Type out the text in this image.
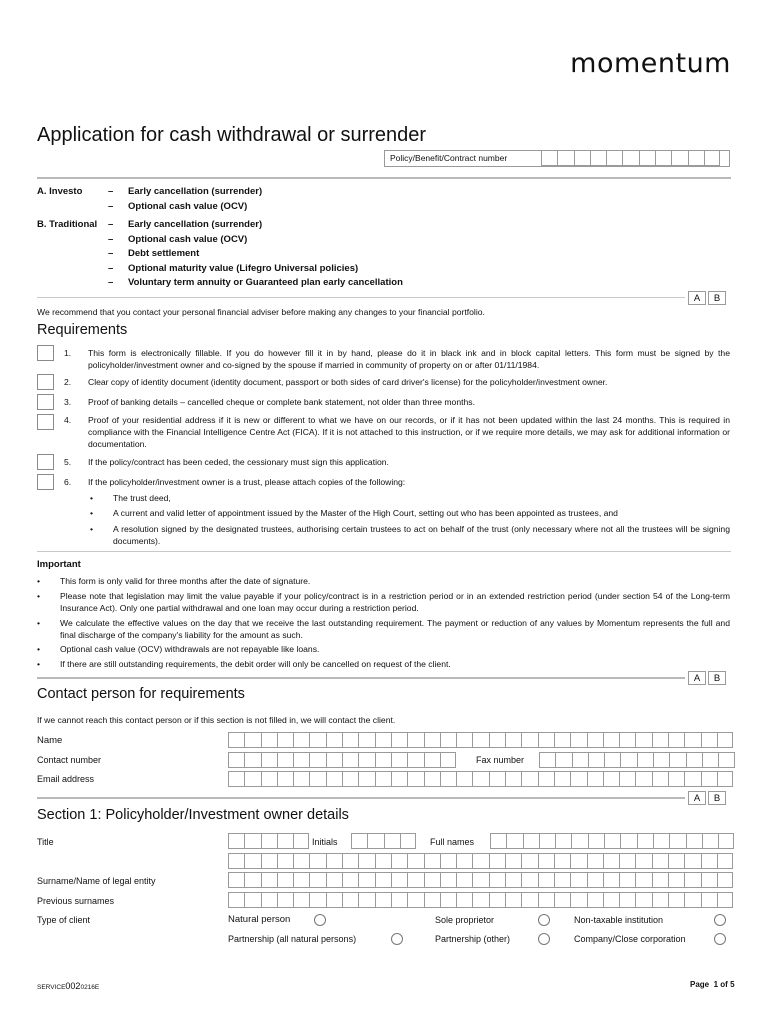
momentum
Application for cash withdrawal or surrender
Policy/Benefit/Contract number
A. Investo	– Early cancellation (surrender)
– Optional cash value (OCV)
B. Traditional – Early cancellation (surrender)
– Optional cash value (OCV)
– Debt settlement
– Optional maturity value (Lifegro Universal policies)
– Voluntary term annuity or Guaranteed plan early cancellation
A	B
We recommend that you contact your personal financial adviser before making any changes to your financial portfolio.
Requirements
1.	This form is electronically fillable. If you do however fill it in by hand, please do it in black ink and in block capital letters. This form must be signed by the policyholder/investment owner and co-signed by the spouse if married in community of property on or after 01/11/1984.
2.	Clear copy of identity document (identity document, passport or both sides of card driver's license) for the policyholder/investment owner.
3.	Proof of banking details – cancelled cheque or complete bank statement, not older than three months.
4.	Proof of your residential address if it is new or different to what we have on our records, or if it has not been updated within the last 24 months. This is required in compliance with the Financial Intelligence Centre Act (FICA). If it is not attached to this instruction, or if we require more details, we may ask for additional information or documentation.
5.	If the policy/contract has been ceded, the cessionary must sign this application.
6.	If the policyholder/investment owner is a trust, please attach copies of the following:
•	The trust deed,
•	A current and valid letter of appointment issued by the Master of the High Court, setting out who has been appointed as trustees, and
•	A resolution signed by the designated trustees, authorising certain trustees to act on behalf of the trust (only necessary where not all the trustees will be signing documents).
Important
•	This form is only valid for three months after the date of signature.
•	Please note that legislation may limit the value payable if your policy/contract is in a restriction period or in an extended restriction period (under section 54 of the Long-term Insurance Act). Only one partial withdrawal and one loan may occur during a restriction period.
•	We calculate the effective values on the day that we receive the last outstanding requirement. The payment or reduction of any values by Momentum represents the full and final discharge of the company's liability for the amount as such.
•	Optional cash value (OCV) withdrawals are not repayable like loans.
•	If there are still outstanding requirements, the debit order will only be cancelled on request of the client.
A	B
Contact person for requirements
If we cannot reach this contact person or if this section is not filled in, we will contact the client.
Name
Contact number	Fax number
Email address
A	B
Section 1: Policyholder/Investment owner details
Title	Initials	Full names
Surname/Name of legal entity
Previous surnames
Type of client	Natural person	Sole proprietor	Non-taxable institution
Partnership (all natural persons)	Partnership (other)	Company/Close corporation
SERVICE0020216E	Page 1 of 5
